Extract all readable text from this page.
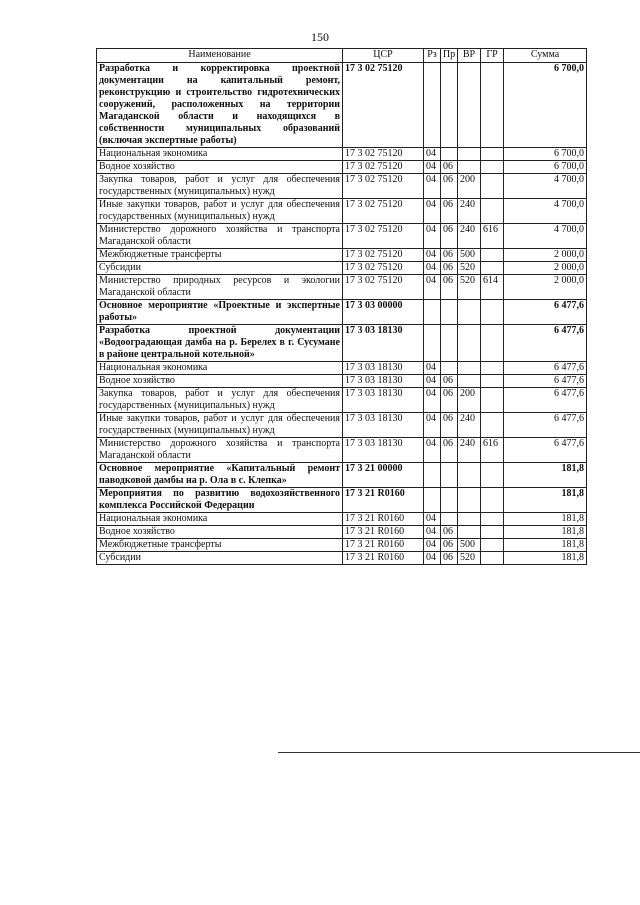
150
Наименование	ЦСР	Рз	Пр	ВР	ГР	Сумма
Разработка и корректировка проектной документации на капитальный ремонт, реконструкцию и строительство гидротехнических сооружений, расположенных на территории Магаданской области и находящихся в собственности муниципальных образований (включая экспертные работы)	17 3 02 75120					6 700,0
Национальная экономика	17 3 02 75120	04				6 700,0
Водное хозяйство	17 3 02 75120	04	06			6 700,0
Закупка товаров, работ и услуг для обеспечения государственных (муниципальных) нужд	17 3 02 75120	04	06	200		4 700,0
Иные закупки товаров, работ и услуг для обеспечения государственных (муниципальных) нужд	17 3 02 75120	04	06	240		4 700,0
Министерство дорожного хозяйства и транспорта Магаданской области	17 3 02 75120	04	06	240	616	4 700,0
Межбюджетные трансферты	17 3 02 75120	04	06	500		2 000,0
Субсидии	17 3 02 75120	04	06	520		2 000,0
Министерство природных ресурсов и экологии Магаданской области	17 3 02 75120	04	06	520	614	2 000,0
Основное мероприятие «Проектные и экспертные работы»	17 3 03 00000					6 477,6
Разработка проектной документации «Водооградающая дамба на р. Берелех в г. Сусумане в районе центральной котельной»	17 3 03 18130					6 477,6
Национальная экономика	17 3 03 18130	04				6 477,6
Водное хозяйство	17 3 03 18130	04	06			6 477,6
Закупка товаров, работ и услуг для обеспечения государственных (муниципальных) нужд	17 3 03 18130	04	06	200		6 477,6
Иные закупки товаров, работ и услуг для обеспечения государственных (муниципальных) нужд	17 3 03 18130	04	06	240		6 477,6
Министерство дорожного хозяйства и транспорта Магаданской области	17 3 03 18130	04	06	240	616	6 477,6
Основное мероприятие «Капитальный ремонт паводковой дамбы на р. Ола в с. Клепка»	17 3 21 00000					181,8
Мероприятия по развитию водохозяйственного комплекса Российской Федерации	17 3 21 R0160					181,8
Национальная экономика	17 3 21 R0160	04				181,8
Водное хозяйство	17 3 21 R0160	04	06			181,8
Межбюджетные трансферты	17 3 21 R0160	04	06	500		181,8
Субсидии	17 3 21 R0160	04	06	520		181,8
